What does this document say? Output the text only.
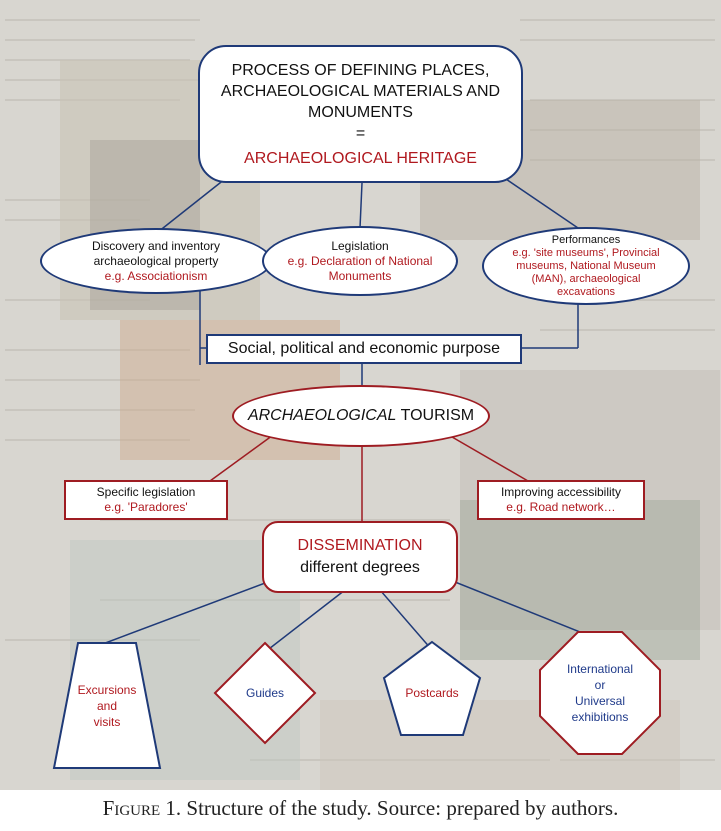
PROCESS OF DEFINING PLACES,
ARCHAEOLOGICAL MATERIALS AND
MONUMENTS
=
ARCHAEOLOGICAL HERITAGE
Discovery and inventory
archaeological property
e.g. Associationism
Legislation
e.g. Declaration of National
Monuments
Performances
e.g. 'site museums', Provincial
museums, National Museum
(MAN), archaeological
excavations
Social, political and economic purpose
ARCHAEOLOGICAL TOURISM
Specific legislation
e.g. 'Paradores'
Improving accessibility
e.g. Road network…
DISSEMINATION
different degrees
Excursions
and
visits
Guides	Postcards
International
or
Universal
exhibitions
Figure 1. Structure of the study. Source: prepared by authors.
